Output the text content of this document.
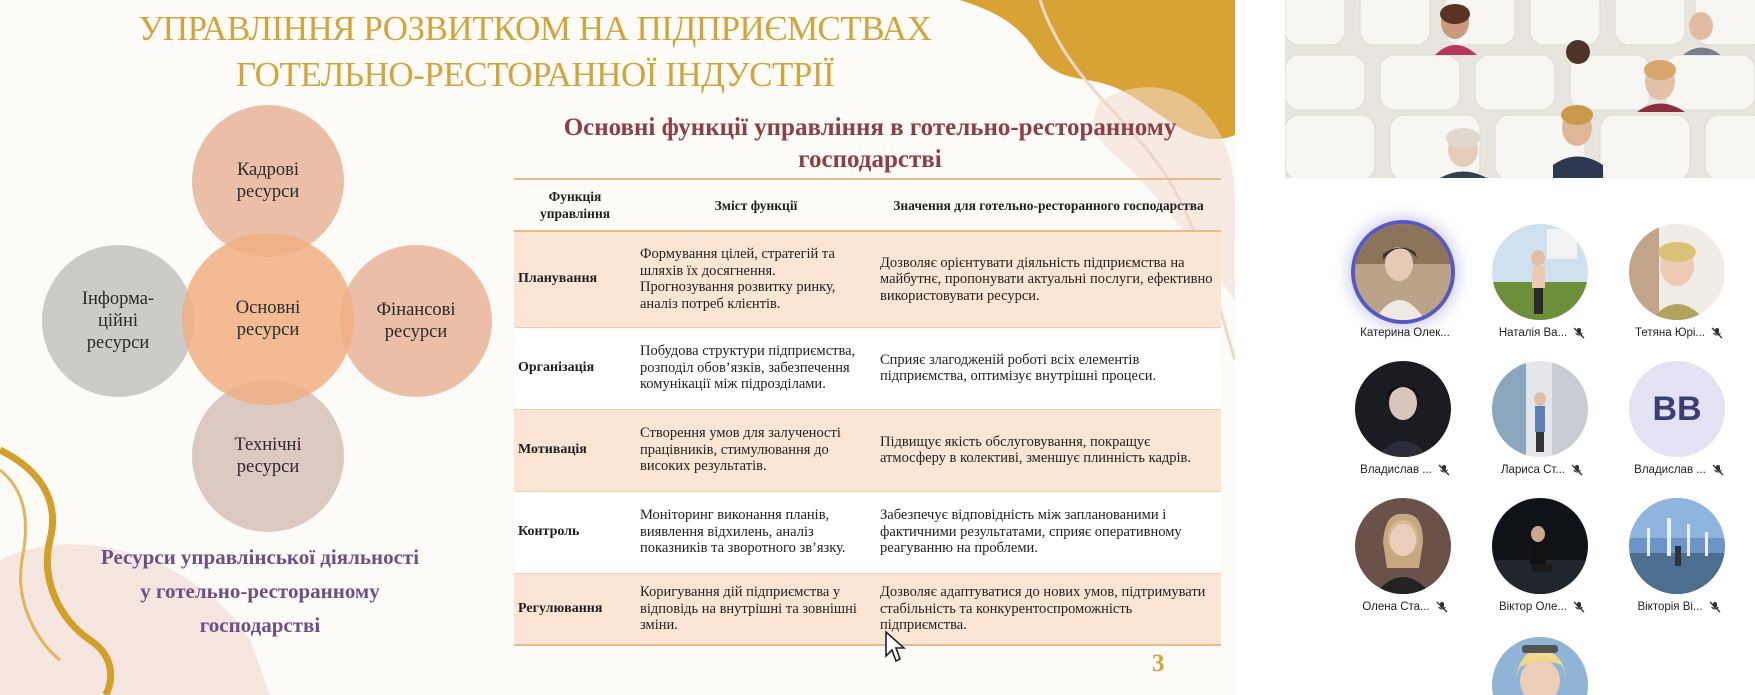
УПРАВЛІННЯ РОЗВИТКОМ НА ПІДПРИЄМСТВАХ
ГОТЕЛЬНО-РЕСТОРАННОЇ ІНДУСТРІЇ
Інформа-
ційні
ресурси
Фінансові
ресурси
Кадрові
ресурси
Технічні
ресурси
Основні
ресурси
Ресурси управлінської діяльності у готельно-ресторанному господарстві
Основні функції управління в готельно-ресторанному господарстві
Функція управління	Зміст функції	Значення для готельно-ресторанного господарства
Планування	Формування цілей, стратегій та шляхів їх досягнення. Прогнозування розвитку ринку, аналіз потреб клієнтів.	Дозволяє орієнтувати діяльність підприємства на майбутнє, пропонувати актуальні послуги, ефективно використовувати ресурси.
Організація	Побудова структури підприємства, розподіл обов’язків, забезпечення комунікації між підрозділами.	Сприяє злагодженій роботі всіх елементів підприємства, оптимізує внутрішні процеси.
Мотивація	Створення умов для залученості працівників, стимулювання до високих результатів.	Підвищує якість обслуговування, покращує атмосферу в колективі, зменшує плинність кадрів.
Контроль	Моніторинг виконання планів, виявлення відхилень, аналіз показників та зворотного зв’язку.	Забезпечує відповідність між запланованими і фактичними результатами, сприяє оперативному реагуванню на проблеми.
Регулювання	Коригування дій підприємства у відповідь на внутрішні та зовнішні зміни.	Дозволяє адаптуватися до нових умов, підтримувати стабільність та конкурентоспроможність підприємства.
3
Катерина Олек...	Наталія Ва...	Тетяна Юрі...
Владислав ...	Лариса Ст...
ВВ
Владислав ...
Олена Ста...	Віктор Оле...	Вікторія Ві...
